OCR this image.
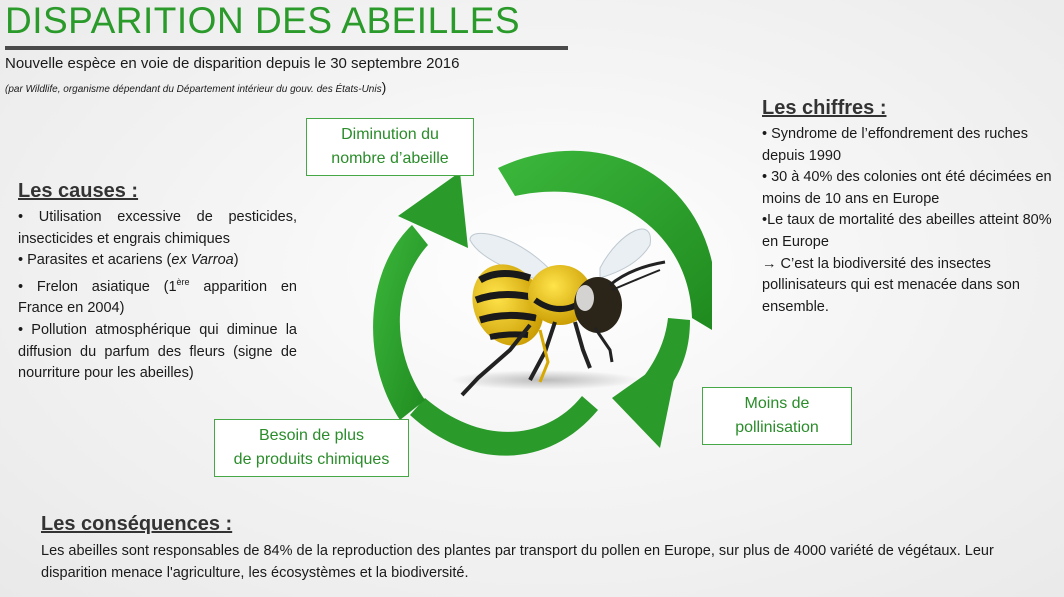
DISPARITION DES ABEILLES
Nouvelle espèce en voie de disparition depuis le 30 septembre 2016
(par Wildlife, organisme dépendant du Département intérieur du gouv. des États-Unis)
Diminution du
nombre d’abeille
Moins de
pollinisation
Besoin de plus
de produits chimiques
Les causes :

• Utilisation excessive de pesticides, insecticides et engrais chimiques

• Parasites et acariens (ex Varroa)

• Frelon asiatique (1ère apparition en France en 2004)

• Pollution atmosphérique qui diminue la diffusion du parfum des fleurs (signe de nourriture pour les abeilles)

Les chiffres :

• Syndrome de l’effondrement des ruches depuis 1990

• 30 à 40% des colonies ont été décimées en moins de 10 ans en Europe

•Le taux de mortalité des abeilles atteint 80% en Europe

→ C’est la biodiversité des insectes pollinisateurs qui est menacée dans son ensemble.

Les conséquences :
Les abeilles sont responsables de 84% de la reproduction des plantes par transport du pollen en Europe, sur plus de 4000 variété de végétaux. Leur disparition menace l'agriculture, les écosystèmes et la biodiversité.
